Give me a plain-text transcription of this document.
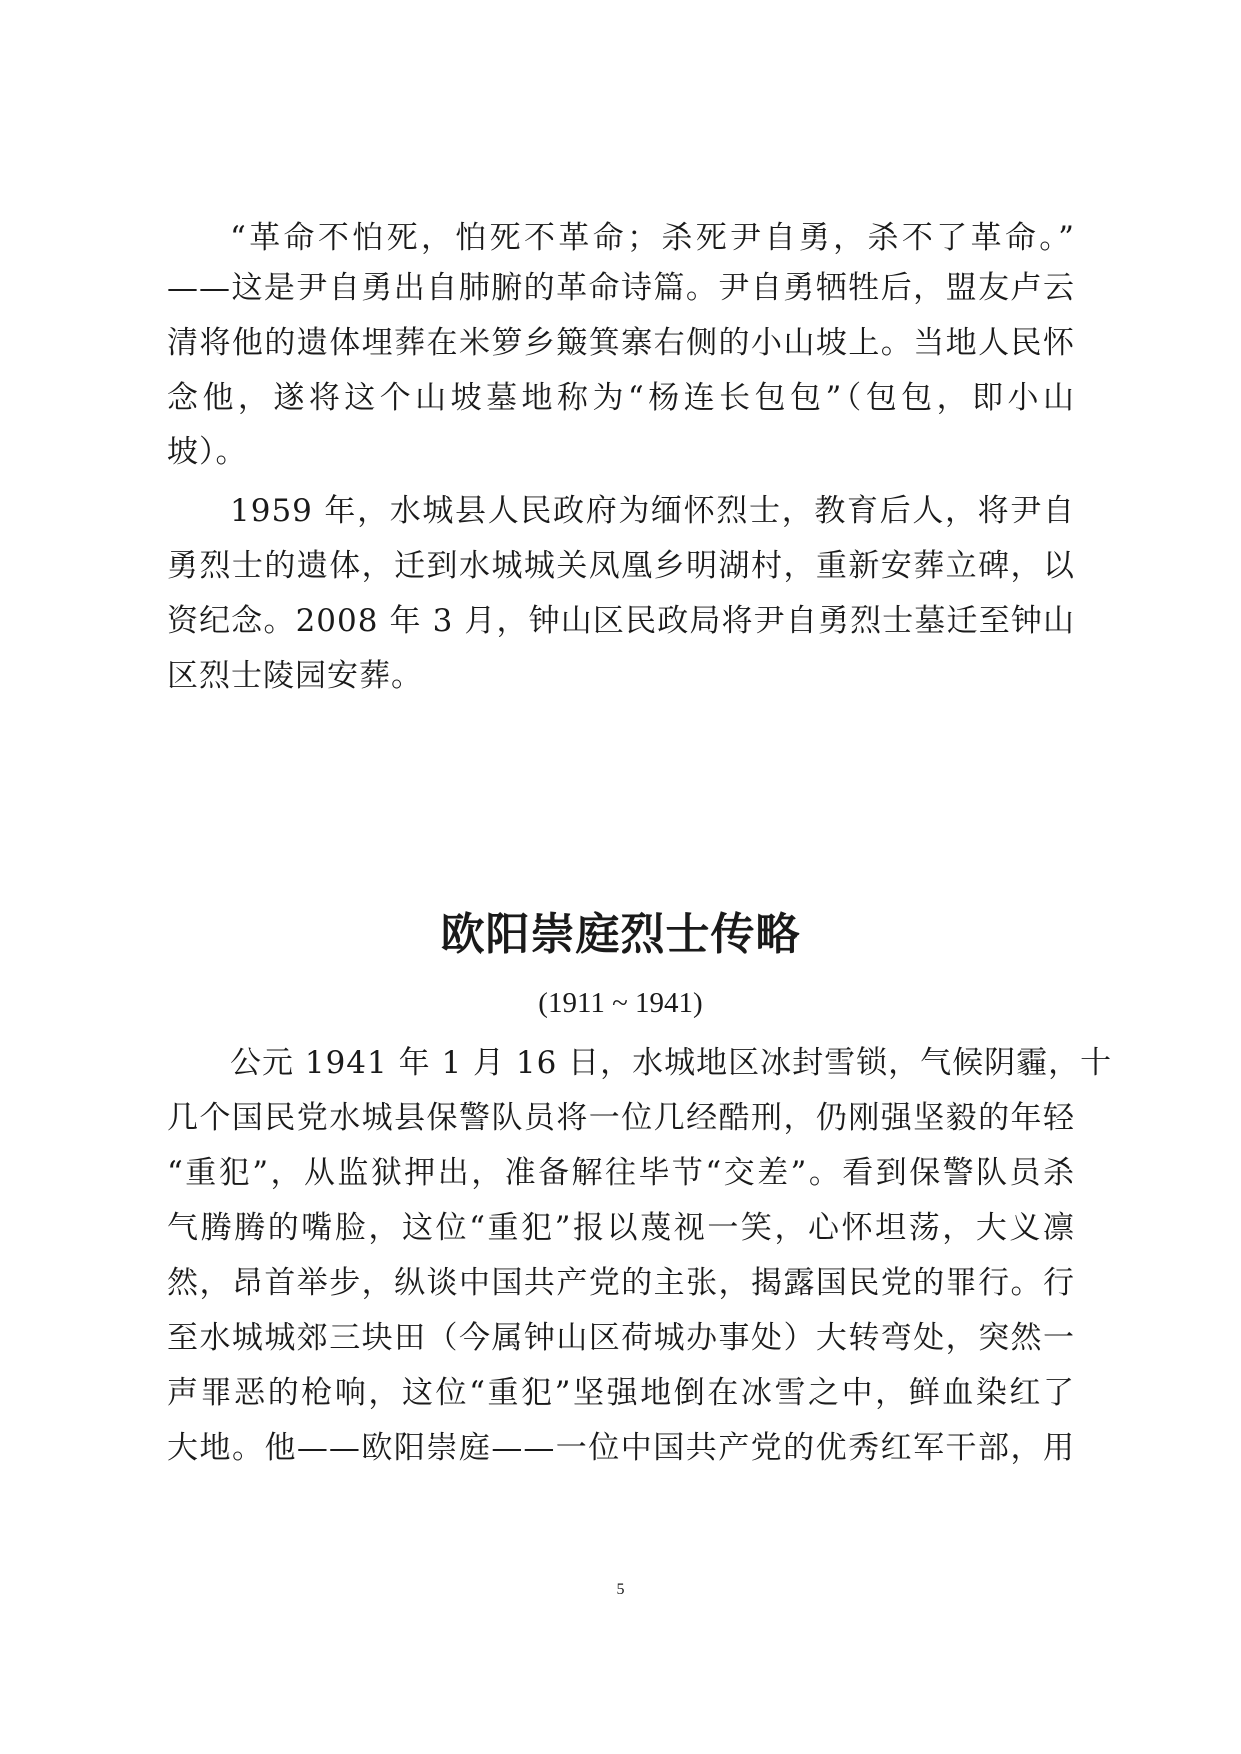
“革命不怕死，怕死不革命；杀死尹自勇，杀不了革命。”
——这是尹自勇出自肺腑的革命诗篇。尹自勇牺牲后，盟友卢云
清将他的遗体埋葬在米箩乡簸箕寨右侧的小山坡上。当地人民怀
念他，遂将这个山坡墓地称为“杨连长包包”（包包，即小山
坡）。
1959 年，水城县人民政府为缅怀烈士，教育后人，将尹自
勇烈士的遗体，迁到水城城关凤凰乡明湖村，重新安葬立碑，以
资纪念。2008 年 3 月，钟山区民政局将尹自勇烈士墓迁至钟山
区烈士陵园安葬。
欧阳崇庭烈士传略
(1911 ~ 1941)
公元 1941 年 1 月 16 日，水城地区冰封雪锁，气候阴霾，十
几个国民党水城县保警队员将一位几经酷刑，仍刚强坚毅的年轻
“重犯”，从监狱押出，准备解往毕节“交差”。看到保警队员杀
气腾腾的嘴脸，这位“重犯”报以蔑视一笑，心怀坦荡，大义凛
然，昂首举步，纵谈中国共产党的主张，揭露国民党的罪行。行
至水城城郊三块田（今属钟山区荷城办事处）大转弯处，突然一
声罪恶的枪响，这位“重犯”坚强地倒在冰雪之中，鲜血染红了
大地。他——欧阳崇庭——一位中国共产党的优秀红军干部，用
5
